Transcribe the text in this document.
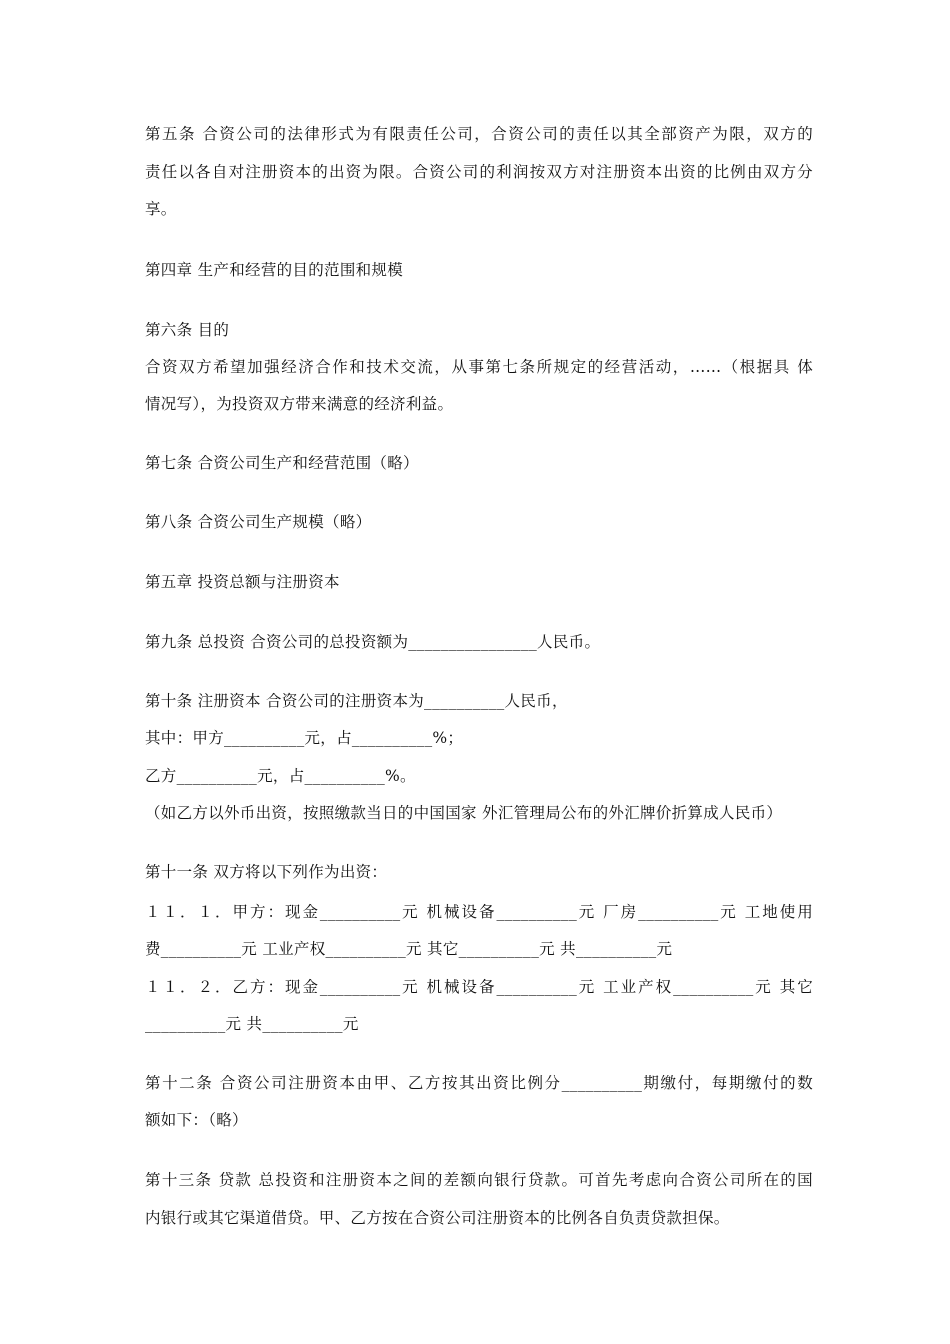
第五条 合资公司的法律形式为有限责任公司，合资公司的责任以其全部资产为限，双方的
责任以各自对注册资本的出资为限。合资公司的利润按双方对注册资本出资的比例由双方分
享。
第四章 生产和经营的目的范围和规模
第六条 目的
合资双方希望加强经济合作和技术交流，从事第七条所规定的经营活动，……（根据具 体
情况写），为投资双方带来满意的经济利益。
第七条 合资公司生产和经营范围（略）
第八条 合资公司生产规模（略）
第五章 投资总额与注册资本
第九条 总投资 合资公司的总投资额为________________人民币。
第十条 注册资本 合资公司的注册资本为__________人民币，
其中：甲方__________元，占__________%；
乙方__________元，占__________%。
（如乙方以外币出资，按照缴款当日的中国国家 外汇管理局公布的外汇牌价折算成人民币）
第十一条 双方将以下列作为出资：
１１．１．甲方：现金__________元 机械设备__________元 厂房__________元 工地使用
费__________元 工业产权__________元 其它__________元 共__________元
１１．２．乙方：现金__________元 机械设备__________元 工业产权__________元 其它
__________元 共__________元
第十二条 合资公司注册资本由甲、乙方按其出资比例分__________期缴付，每期缴付的数
额如下：（略）
第十三条 贷款 总投资和注册资本之间的差额向银行贷款。可首先考虑向合资公司所在的国
内银行或其它渠道借贷。甲、乙方按在合资公司注册资本的比例各自负责贷款担保。
